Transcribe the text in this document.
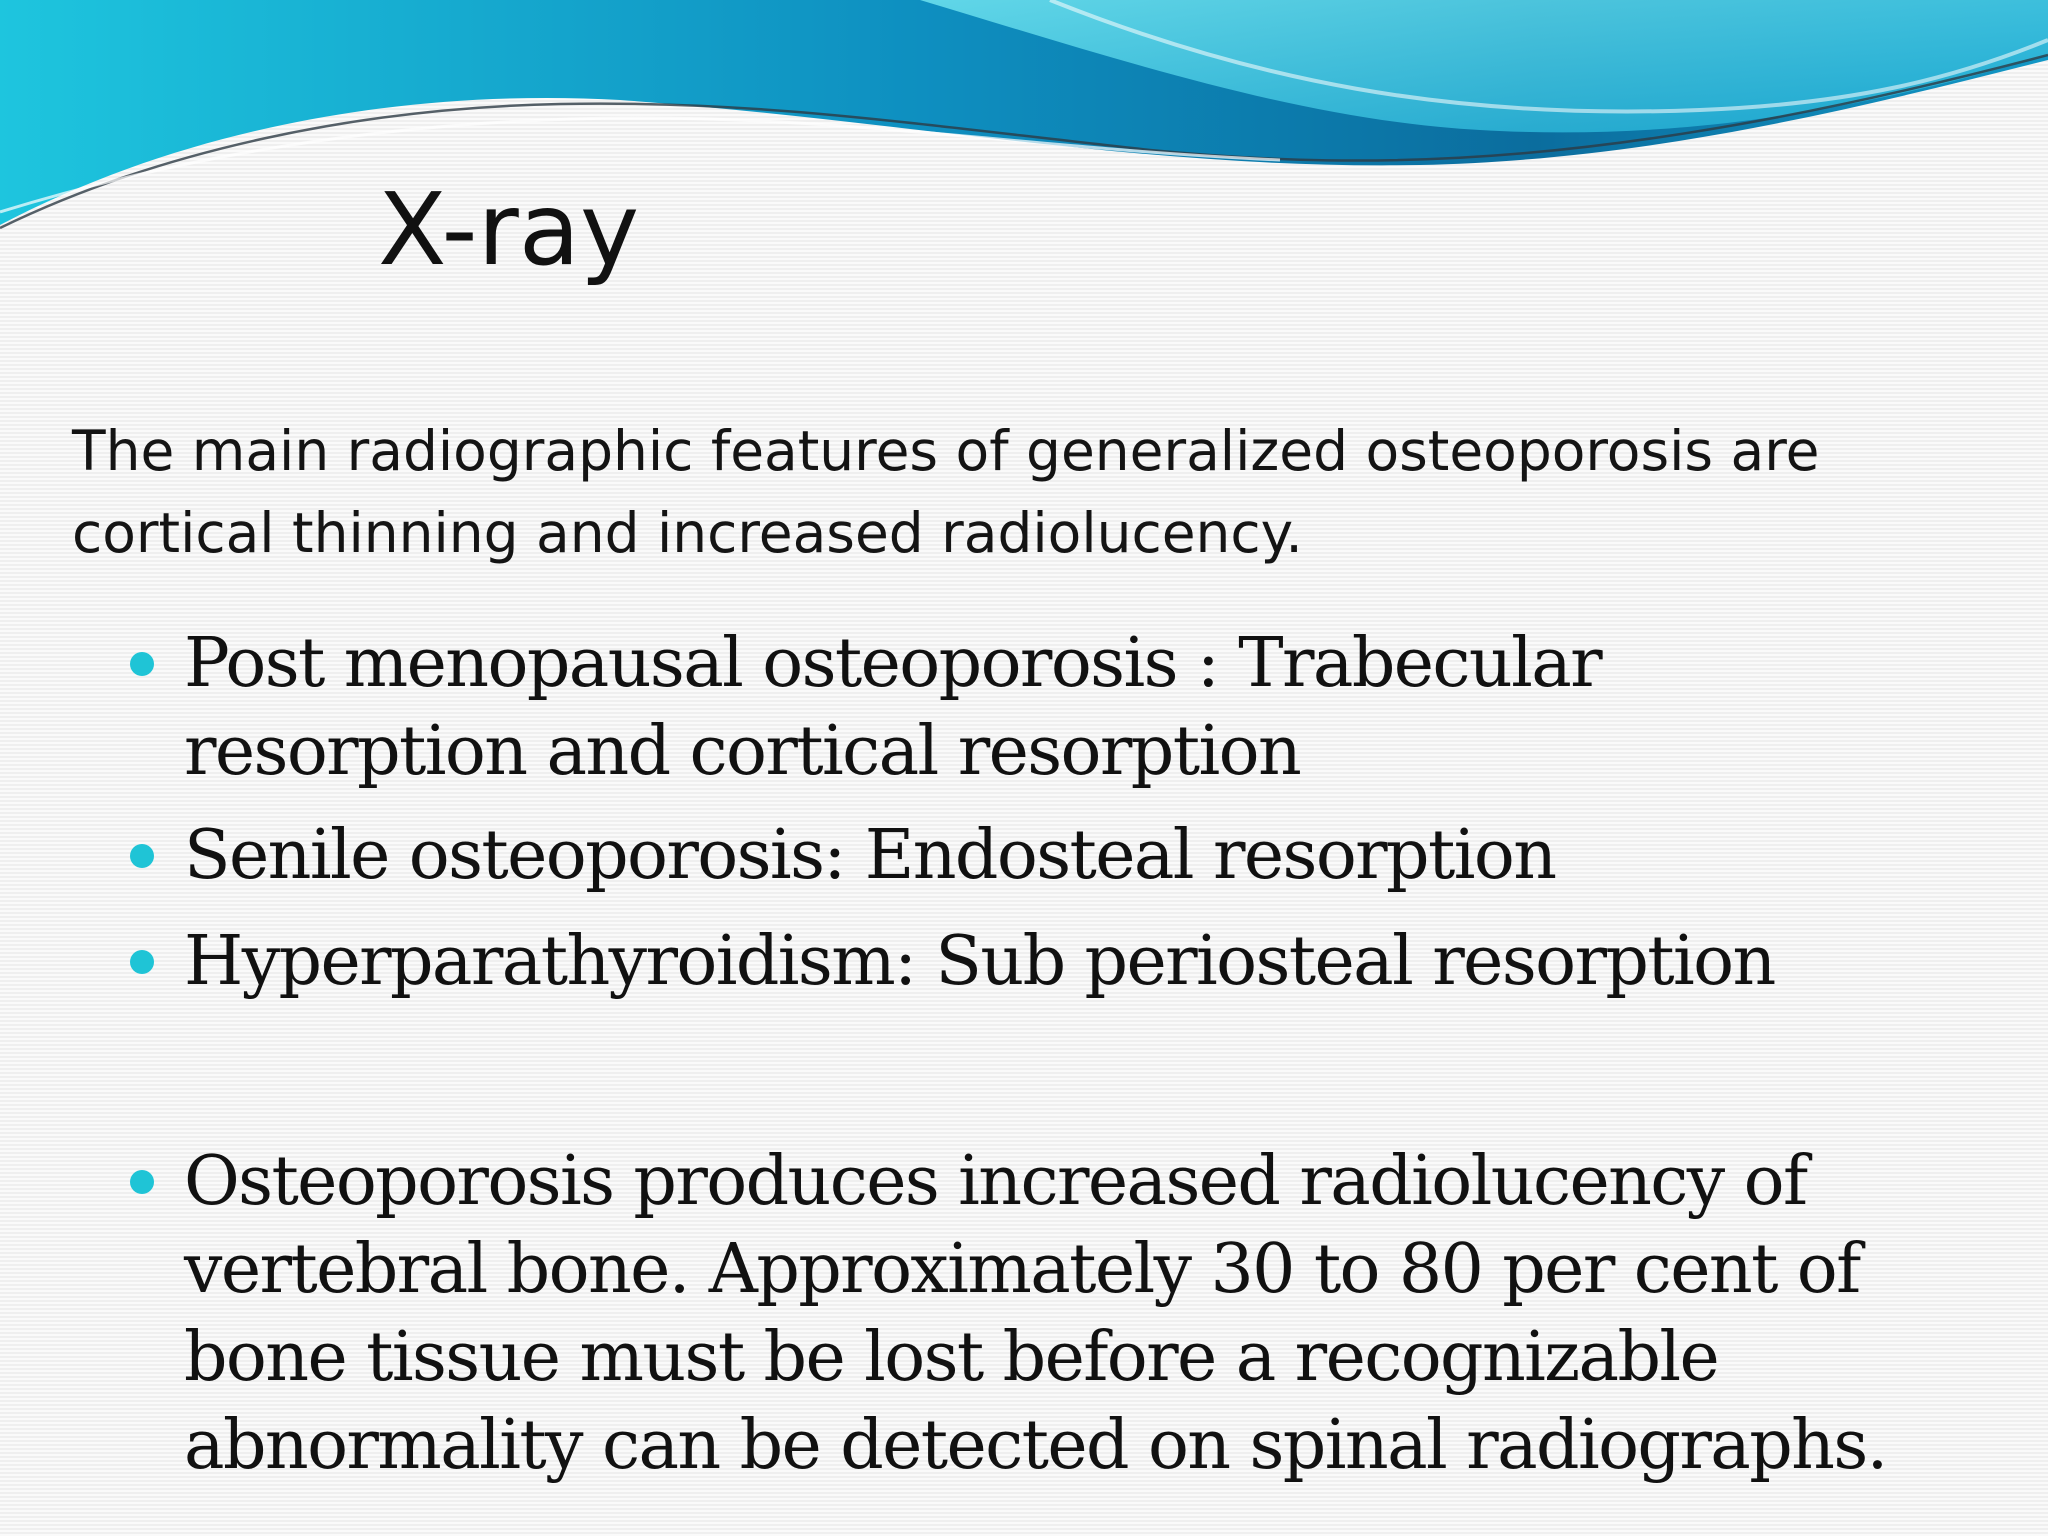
X-ray

The main radiographic features of generalized osteoporosis are cortical thinning and increased radiolucency.

Post menopausal osteoporosis : Trabecular resorption and cortical resorption
Senile osteoporosis: Endosteal resorption
Hyperparathyroidism: Sub periosteal resorption
Osteoporosis produces increased radiolucency of vertebral bone. Approximately 30 to 80 per cent of bone tissue must be lost before a recognizable abnormality can be detected on spinal radiographs.
